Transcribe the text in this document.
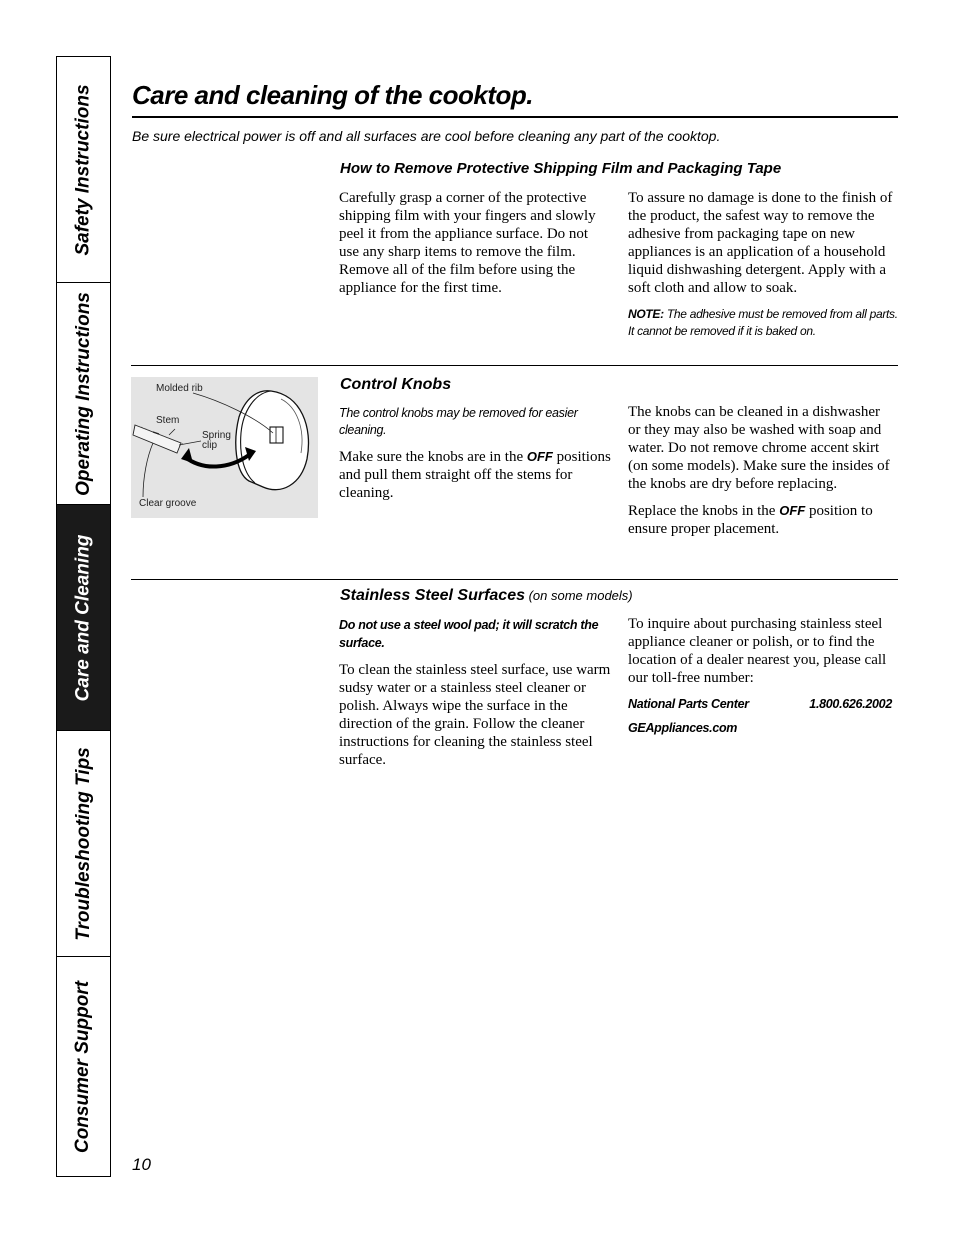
Safety Instructions
Operating Instructions
Care and Cleaning
Troubleshooting Tips
Consumer Support
Care and cleaning of the cooktop.
Be sure electrical power is off and all surfaces are cool before cleaning any part of the cooktop.
How to Remove Protective Shipping Film and Packaging Tape

Carefully grasp a corner of the protective shipping film with your fingers and slowly peel it from the appliance surface. Do not use any sharp items to remove the film. Remove all of the film before using the appliance for the first time.

To assure no damage is done to the finish of the product, the safest way to remove the adhesive from packaging tape on new appliances is an application of a household liquid dishwashing detergent. Apply with a soft cloth and allow to soak.

NOTE: The adhesive must be removed from all parts. It cannot be removed if it is baked on.

Molded rib
Stem
Spring
clip
Clear groove
Control Knobs

The control knobs may be removed for easier cleaning.

Make sure the knobs are in the OFF positions and pull them straight off the stems for cleaning.

The knobs can be cleaned in a dishwasher or they may also be washed with soap and water. Do not remove chrome accent skirt (on some models). Make sure the insides of the knobs are dry before replacing.

Replace the knobs in the OFF position to ensure proper placement.

Stainless Steel Surfaces (on some models)

Do not use a steel wool pad; it will scratch the surface.

To clean the stainless steel surface, use warm sudsy water or a stainless steel cleaner or polish. Always wipe the surface in the direction of the grain. Follow the cleaner instructions for cleaning the stainless steel surface.

To inquire about purchasing stainless steel appliance cleaner or polish, or to find the location of a dealer nearest you, please call our toll-free number:

National Parts Center	1.800.626.2002
GEAppliances.com
10
